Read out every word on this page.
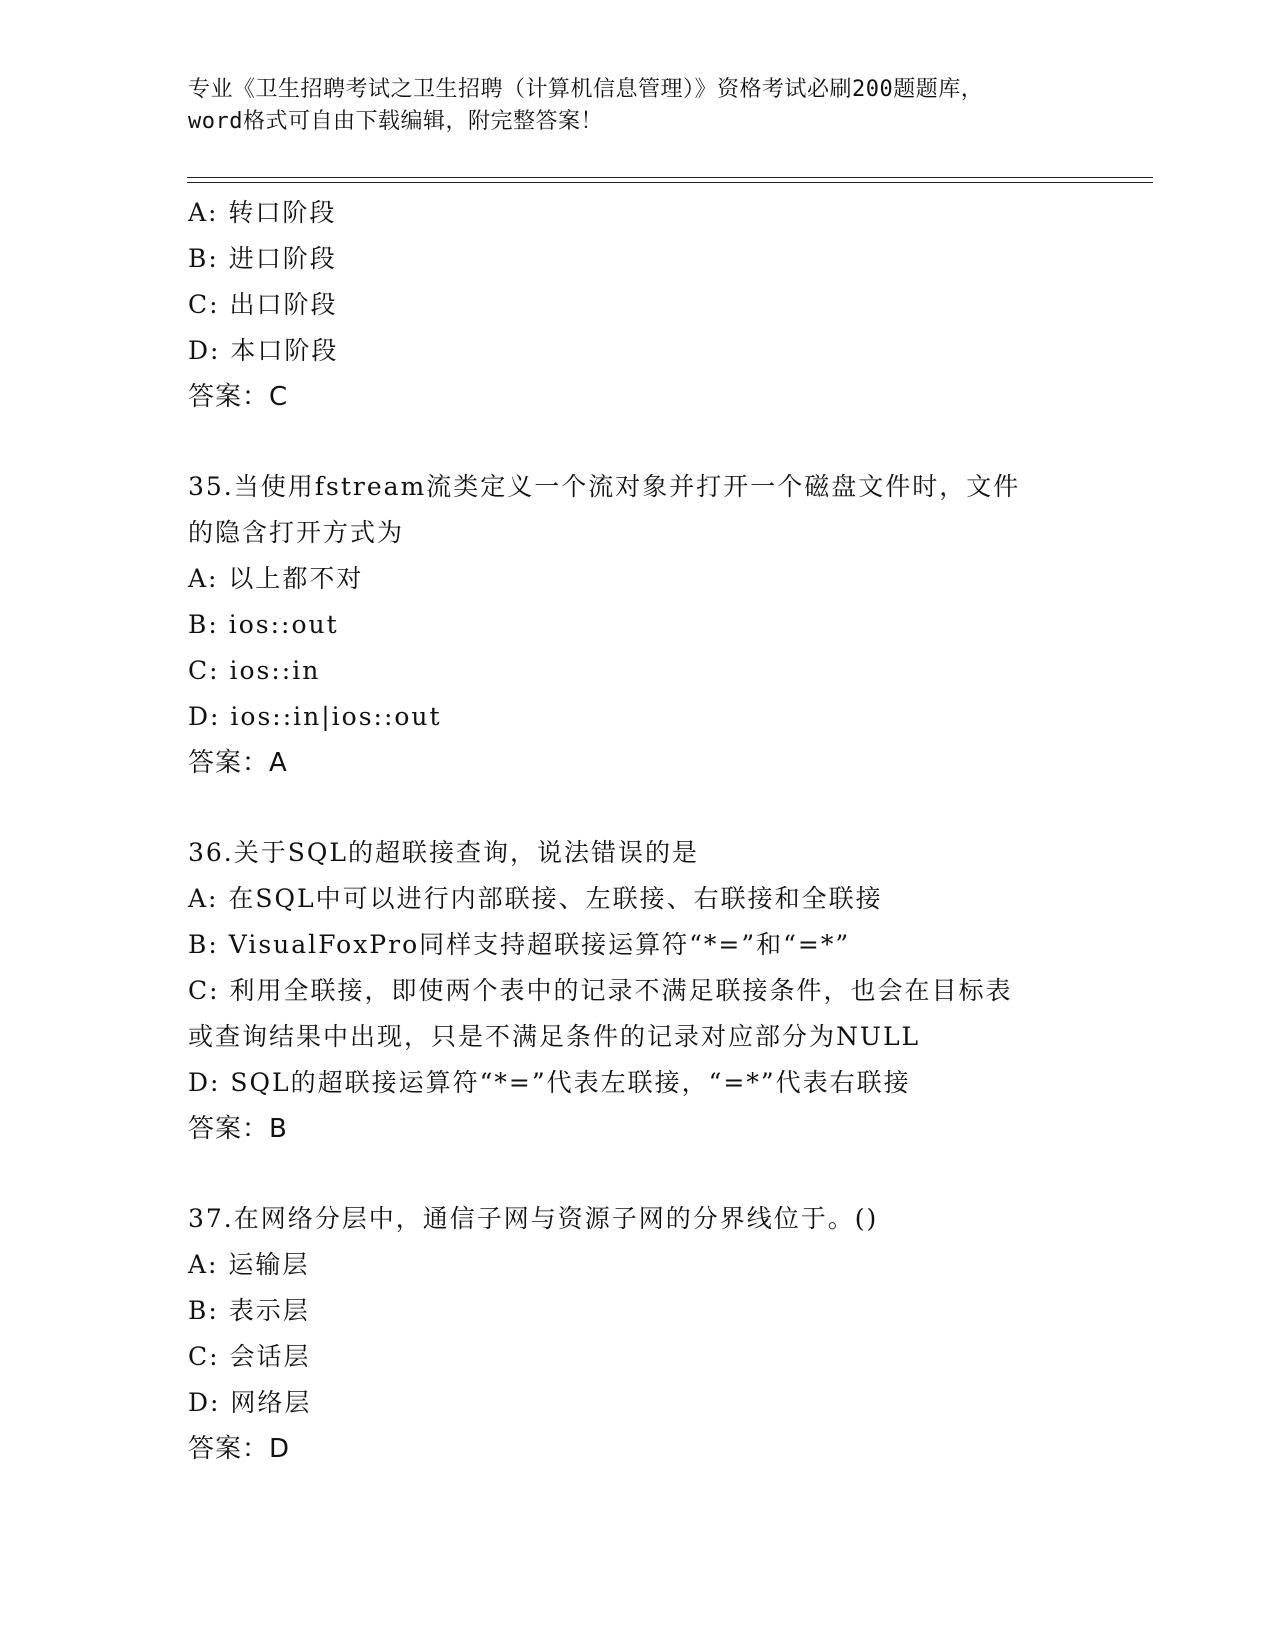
专业《卫生招聘考试之卫生招聘（计算机信息管理）》资格考试必刷200题题库，
word格式可自由下载编辑，附完整答案！
A: 转口阶段
B: 进口阶段
C: 出口阶段
D: 本口阶段
答案：C
35.当使用fstream流类定义一个流对象并打开一个磁盘文件时，文件
的隐含打开方式为
A: 以上都不对
B: ios::out
C: ios::in
D: ios::in|ios::out
答案：A
36.关于SQL的超联接查询，说法错误的是
A: 在SQL中可以进行内部联接、左联接、右联接和全联接
B: VisualFoxPro同样支持超联接运算符“*=”和“=*”
C: 利用全联接，即使两个表中的记录不满足联接条件，也会在目标表
或查询结果中出现，只是不满足条件的记录对应部分为NULL
D: SQL的超联接运算符“*=”代表左联接，“=*”代表右联接
答案：B
37.在网络分层中，通信子网与资源子网的分界线位于。()
A: 运输层
B: 表示层
C: 会话层
D: 网络层
答案：D
